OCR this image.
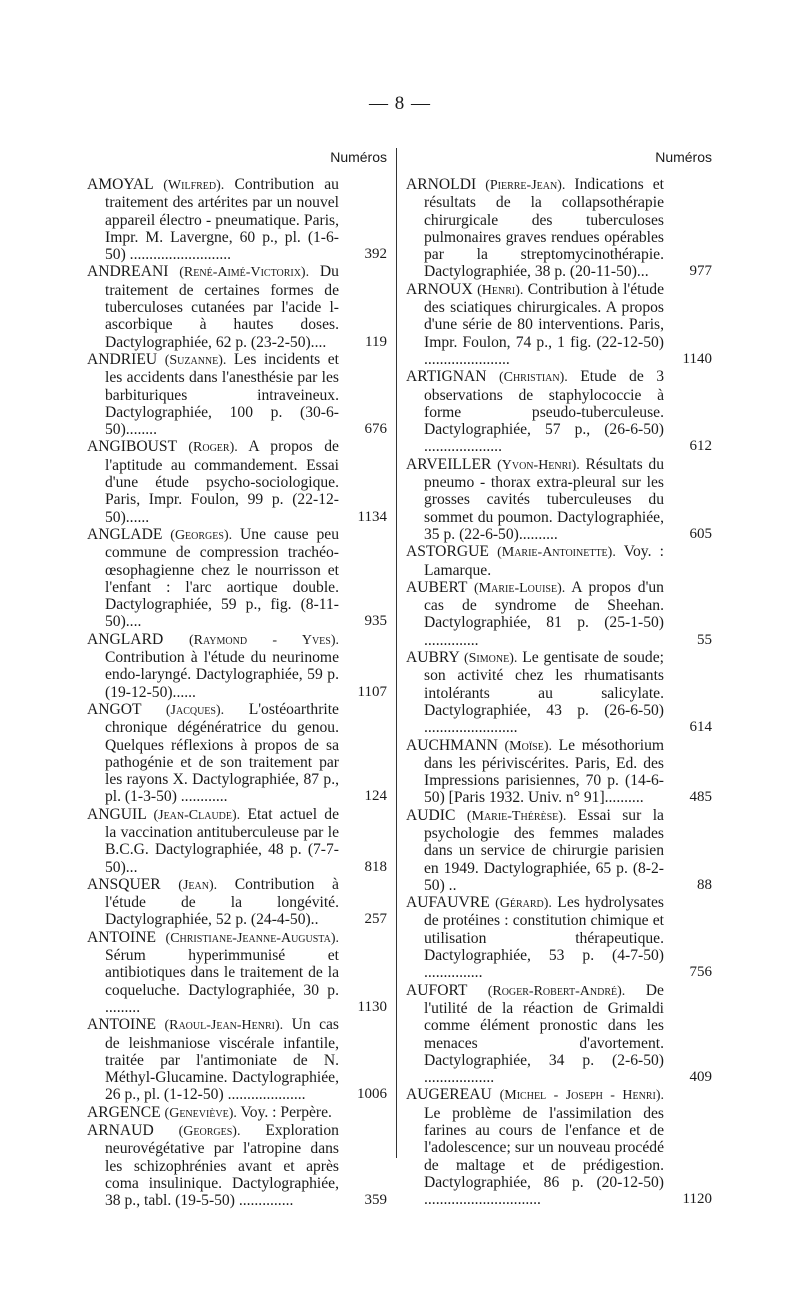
— 8 —
Numéros
AMOYAL (Wilfred). Contribution au traitement des artérites par un nouvel appareil électro - pneumatique. Paris, Impr. M. Lavergne, 60 p., pl. (1-6-50) ..........................	392
ANDREANI (René-Aimé-Victorix). Du traitement de certaines formes de tuberculoses cutanées par l'acide l-ascorbique à hautes doses. Dactylographiée, 62 p. (23-2-50)....	119
ANDRIEU (Suzanne). Les incidents et les accidents dans l'anesthésie par les barbituriques intraveineux. Dactylographiée, 100 p. (30-6-50)........	676
ANGIBOUST (Roger). A propos de l'aptitude au commandement. Essai d'une étude psycho-sociologique. Paris, Impr. Foulon, 99 p. (22-12-50)......	1134
ANGLADE (Georges). Une cause peu commune de compression trachéo-œsophagienne chez le nourrisson et l'enfant : l'arc aortique double. Dactylographiée, 59 p., fig. (8-11-50)....	935
ANGLARD (Raymond - Yves). Contribution à l'étude du neurinome endo-laryngé. Dactylographiée, 59 p. (19-12-50)......	1107
ANGOT (Jacques). L'ostéoarthrite chronique dégénératrice du genou. Quelques réflexions à propos de sa pathogénie et de son traitement par les rayons X. Dactylographiée, 87 p., pl. (1-3-50) ............	124
ANGUIL (Jean-Claude). Etat actuel de la vaccination antituberculeuse par le B.C.G. Dactylographiée, 48 p. (7-7-50)...	818
ANSQUER (Jean). Contribution à l'étude de la longévité. Dactylographiée, 52 p. (24-4-50)..	257
ANTOINE (Christiane-Jeanne-Augusta). Sérum hyperimmunisé et antibiotiques dans le traitement de la coqueluche. Dactylographiée, 30 p. .........	1130
ANTOINE (Raoul-Jean-Henri). Un cas de leishmaniose viscérale infantile, traitée par l'antimoniate de N. Méthyl-Glucamine. Dactylographiée, 26 p., pl. (1-12-50) ....................	1006
ARGENCE (Geneviève). Voy. : Perpère.
ARNAUD (Georges). Exploration neurovégétative par l'atropine dans les schizophrénies avant et après coma insulinique. Dactylographiée, 38 p., tabl. (19-5-50) ..............	359
Numéros
ARNOLDI (Pierre-Jean). Indications et résultats de la collapsothérapie chirurgicale des tuberculoses pulmonaires graves rendues opérables par la streptomycinothérapie. Dactylographiée, 38 p. (20-11-50)...	977
ARNOUX (Henri). Contribution à l'étude des sciatiques chirurgicales. A propos d'une série de 80 interventions. Paris, Impr. Foulon, 74 p., 1 fig. (22-12-50) ......................	1140
ARTIGNAN (Christian). Etude de 3 observations de staphylococcie à forme pseudo-tuberculeuse. Dactylographiée, 57 p., (26-6-50) ....................	612
ARVEILLER (Yvon-Henri). Résultats du pneumo - thorax extra-pleural sur les grosses cavités tuberculeuses du sommet du poumon. Dactylographiée, 35 p. (22-6-50)..........	605
ASTORGUE (Marie-Antoinette). Voy. : Lamarque.
AUBERT (Marie-Louise). A propos d'un cas de syndrome de Sheehan. Dactylographiée, 81 p. (25-1-50) ..............	55
AUBRY (Simone). Le gentisate de soude; son activité chez les rhumatisants intolérants au salicylate. Dactylographiée, 43 p. (26-6-50) ........................	614
AUCHMANN (Moïse). Le mésothorium dans les périviscérites. Paris, Ed. des Impressions parisiennes, 70 p. (14-6-50) [Paris 1932. Univ. n° 91]..........	485
AUDIC (Marie-Thérèse). Essai sur la psychologie des femmes malades dans un service de chirurgie parisien en 1949. Dactylographiée, 65 p. (8-2-50) ..	88
AUFAUVRE (Gérard). Les hydrolysates de protéines : constitution chimique et utilisation thérapeutique. Dactylographiée, 53 p. (4-7-50) ...............	756
AUFORT (Roger-Robert-André). De l'utilité de la réaction de Grimaldi comme élément pronostic dans les menaces d'avortement. Dactylographiée, 34 p. (2-6-50) ..................	409
AUGEREAU (Michel - Joseph - Henri). Le problème de l'assimilation des farines au cours de l'enfance et de l'adolescence; sur un nouveau procédé de maltage et de prédigestion. Dactylographiée, 86 p. (20-12-50) ..............................	1120
